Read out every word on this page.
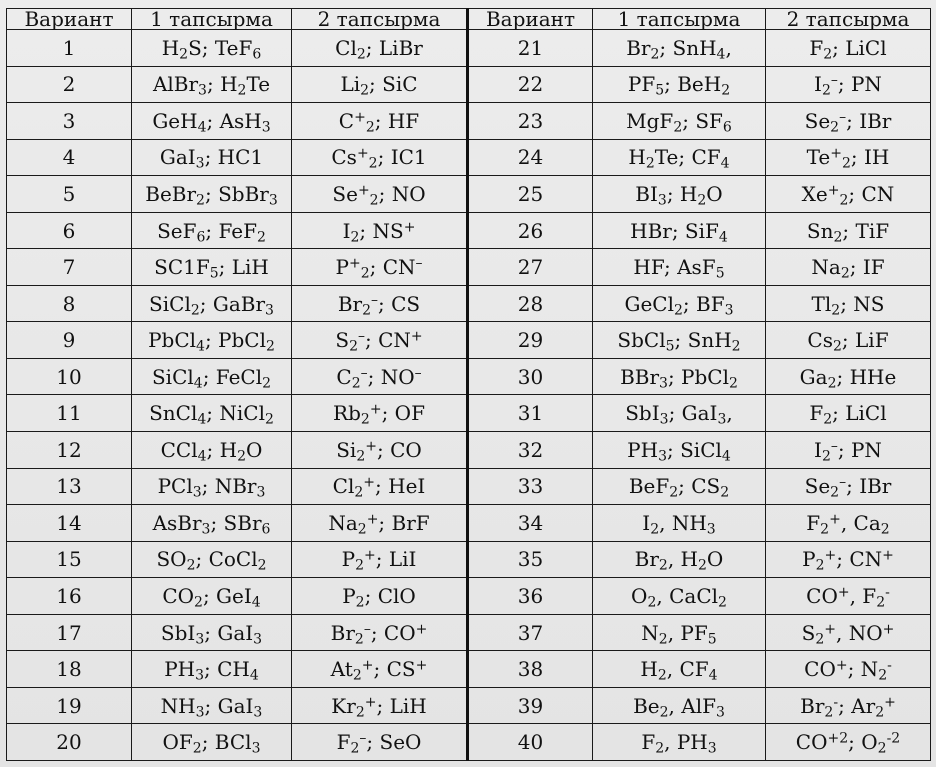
Вариант	1 тапсырма	2 тапсырма	Вариант	1 тапсырма	2 тапсырма
1	$H_2S$; TeF$_6$	$Cl_2$; LiBr	21	$Br_2$; SnH$_4$,	$F_2$; LiCl
2	AlBr$_3$; $H_2Te$	$Li_2$; SiC	22	$PF_5$; BeH$_2$	$I_2^-$; PN
3	GeH$_4$; AsH$_3$	$C^+_2$; HF	23	MgF$_2$; $SF_6$	$Se_2^-$; IBr
4	GaI$_3$; HC1	$Cs^+_2$; IC1	24	$H_2Te$; $CF_4$	$Te^+_2$; IH
5	BeBr$_2$; SbBr$_3$	$Se^+_2$; NO	25	$BI_3$; $H_2O$	$Xe^+_2$; CN
6	SeF$_6$; FeF$_2$	$I_2$; NS+	26	HBr; SiF$_4$	$Sn_2$; TiF
7	$SC1F_5$; LiH	$P^+_2$; CN–	27	HF; AsF$_5$	$Na_2$; IF
8	SiCl$_2$; GaBr$_3$	$Br_2^-$; CS	28	GeCl$_2$; $BF_3$	$Tl_2$; NS
9	PbCl$_4$; PbCl$_2$	$S_2^-$; CN+	29	SbCl$_5$; SnH$_2$	$Cs_2$; LiF
10	SiCl$_4$; FeCl$_2$	$C_2^-$; NO–	30	BBr$_3$; PbCl$_2$	$Ga_2$; HHe
11	SnCl$_4$; NiCl$_2$	$Rb_2^+$; OF	31	SbI$_3$; GaI$_3$,	$F_2$; LiCl
12	CCl$_4$; $H_2O$	$Si_2^+$; CO	32	$PH_3$; SiCl$_4$	$I_2^-$; PN
13	PCl$_3$; NBr$_3$	$Cl_2^+$; HeI	33	BeF$_2$; $CS_2$	$Se_2^-$; IBr
14	AsBr$_3$; SBr$_6$	$Na_2^+$; BrF	34	$I_2$, $NH_3$	$F_2^+$, $Ca_2$
15	$SO_2$; CoCl$_2$	$P_2^+$; LiI	35	$Br_2$, $H_2O$	$P_2^+$; CN+
16	$CO_2$; GeI$_4$	$P_2$; ClO	36	$O_2$, CaCl$_2$	CO+, $F_2^-$
17	SbI$_3$; GaI$_3$	$Br_2^-$; CO+	37	$N_2$, $PF_5$	$S_2^+$, NO+
18	$PH_3$; $CH_4$	$At_2^+$; CS+	38	$H_2$, $CF_4$	CO+; $N_2^-$
19	$NH_3$; GaI$_3$	$Kr_2^+$; LiH	39	$Be_2$, AlF$_3$	$Br_2^-$; $Ar_2^+$
20	$OF_2$; BCl$_3$	$F_2^-$; SeO	40	$F_2$, $PH_3$	$CO^{+2}$; $O_2^{-2}$
